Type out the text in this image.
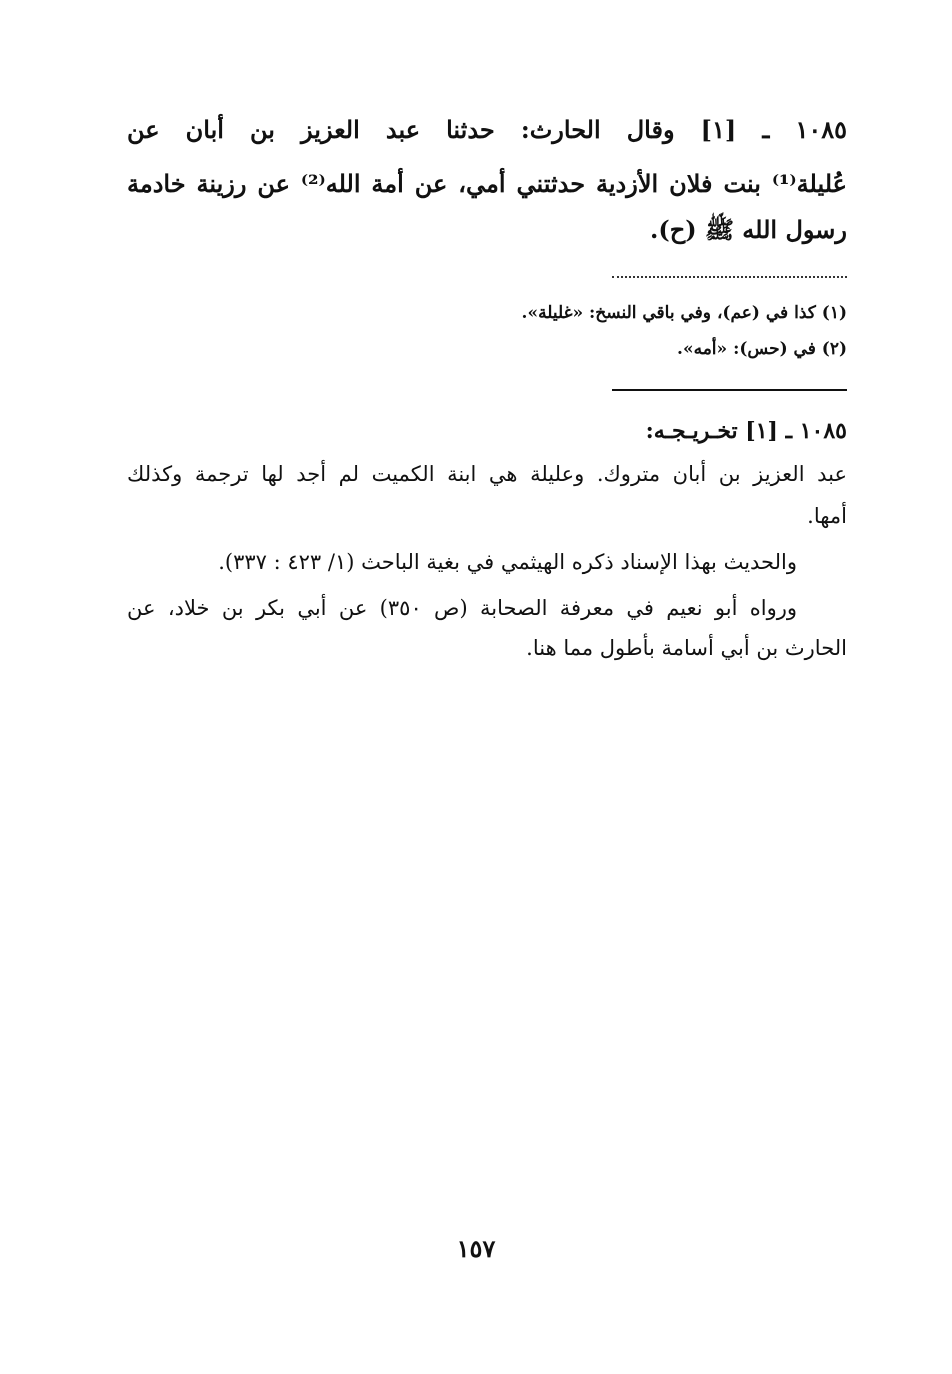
١٠٨٥ ـ [١] وقال الحارث: حدثنا عبد العزيز بن أبان عن
عُليلة⁽¹⁾ بنت فلان الأزدية حدثتني أمي، عن أمة الله⁽²⁾ عن رزينة خادمة
رسول الله ﷺ (ح).
(١) كذا في (عم)، وفي باقي النسخ: «غليلة».
(٢) في (حس): «أمه».
١٠٨٥ ـ [١] تخـريـجـه:
عبد العزيز بن أبان متروك. وعليلة هي ابنة الكميت لم أجد لها ترجمة وكذلك
أمها.
والحديث بهذا الإسناد ذكره الهيثمي في بغية الباحث (١/ ٤٢٣ : ٣٣٧).
ورواه أبو نعيم في معرفة الصحابة (ص ٣٥٠) عن أبي بكر بن خلاد، عن
الحارث بن أبي أسامة بأطول مما هنا.
١٥٧
